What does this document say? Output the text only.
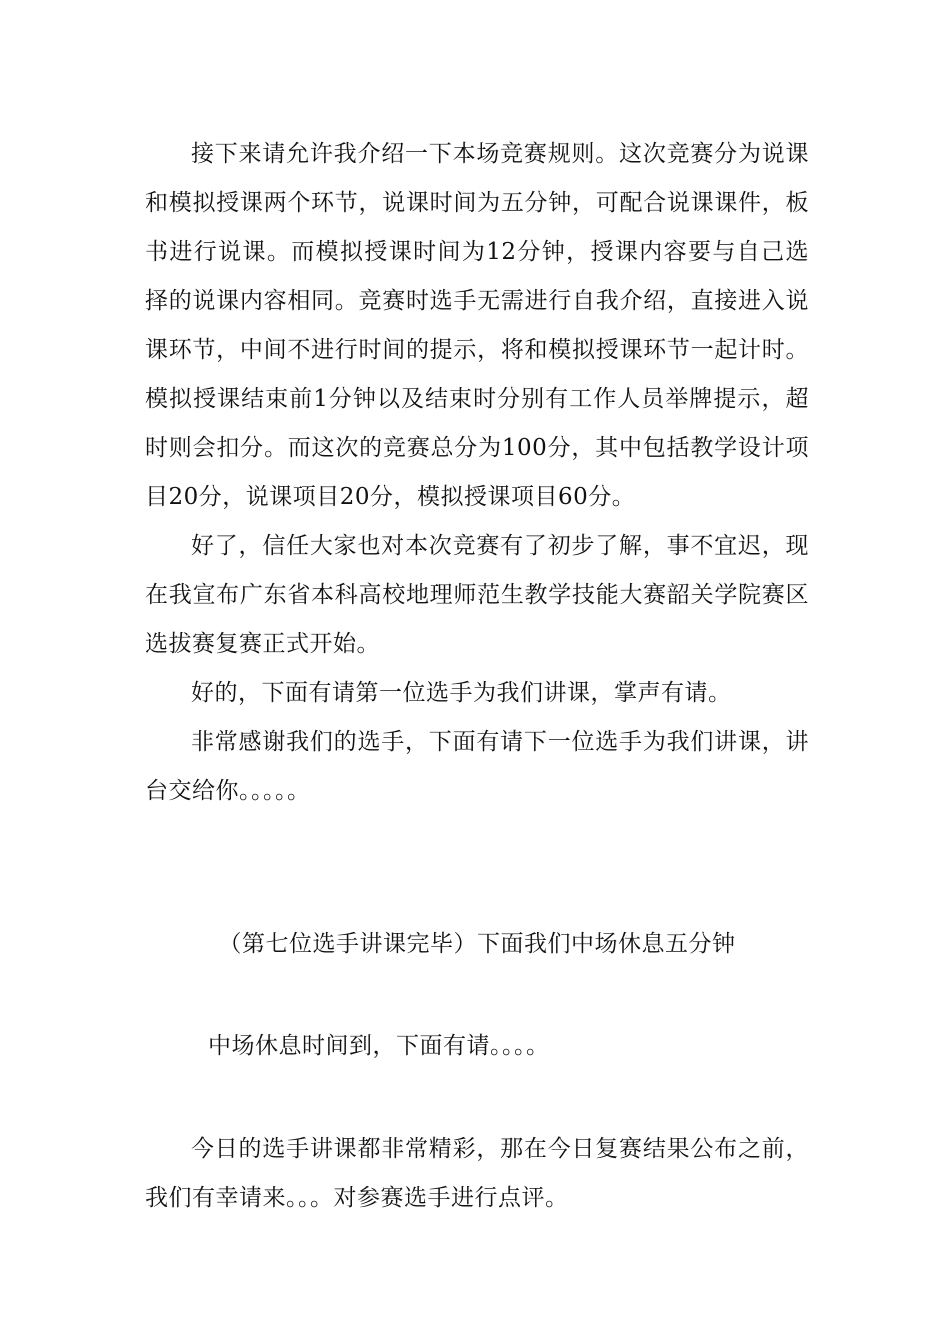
接下来请允许我介绍一下本场竞赛规则。这次竞赛分为说课和模拟授课两个环节，说课时间为五分钟，可配合说课课件，板书进行说课。而模拟授课时间为12分钟，授课内容要与自己选择的说课内容相同。竞赛时选手无需进行自我介绍，直接进入说课环节，中间不进行时间的提示，将和模拟授课环节一起计时。模拟授课结束前1分钟以及结束时分别有工作人员举牌提示，超时则会扣分。而这次的竞赛总分为100分，其中包括教学设计项目20分，说课项目20分，模拟授课项目60分。

好了，信任大家也对本次竞赛有了初步了解，事不宜迟，现在我宣布广东省本科高校地理师范生教学技能大赛韶关学院赛区选拔赛复赛正式开始。

好的，下面有请第一位选手为我们讲课，掌声有请。

非常感谢我们的选手，下面有请下一位选手为我们讲课，讲台交给你。。。。。

（第七位选手讲课完毕）下面我们中场休息五分钟
中场休息时间到，下面有请。。。。

今日的选手讲课都非常精彩，那在今日复赛结果公布之前，我们有幸请来。。。对参赛选手进行点评。
